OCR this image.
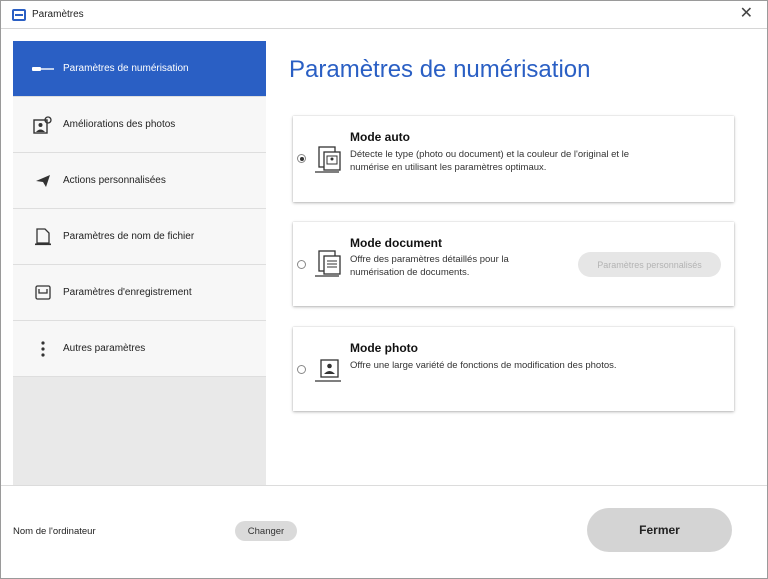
Paramètres	✕
Paramètres de numérisation
Améliorations des photos
Actions personnalisées
Paramètres de nom de fichier
Paramètres d'enregistrement
Autres paramètres
Paramètres de numérisation
Mode auto
Détecte le type (photo ou document) et la couleur de l'original et le
numérise en utilisant les paramètres optimaux.
Mode document
Offre des paramètres détaillés pour la
numérisation de documents.
Paramètres personnalisés
Mode photo
Offre une large variété de fonctions de modification des photos.
Nom de l'ordinateur	Changer	Fermer
